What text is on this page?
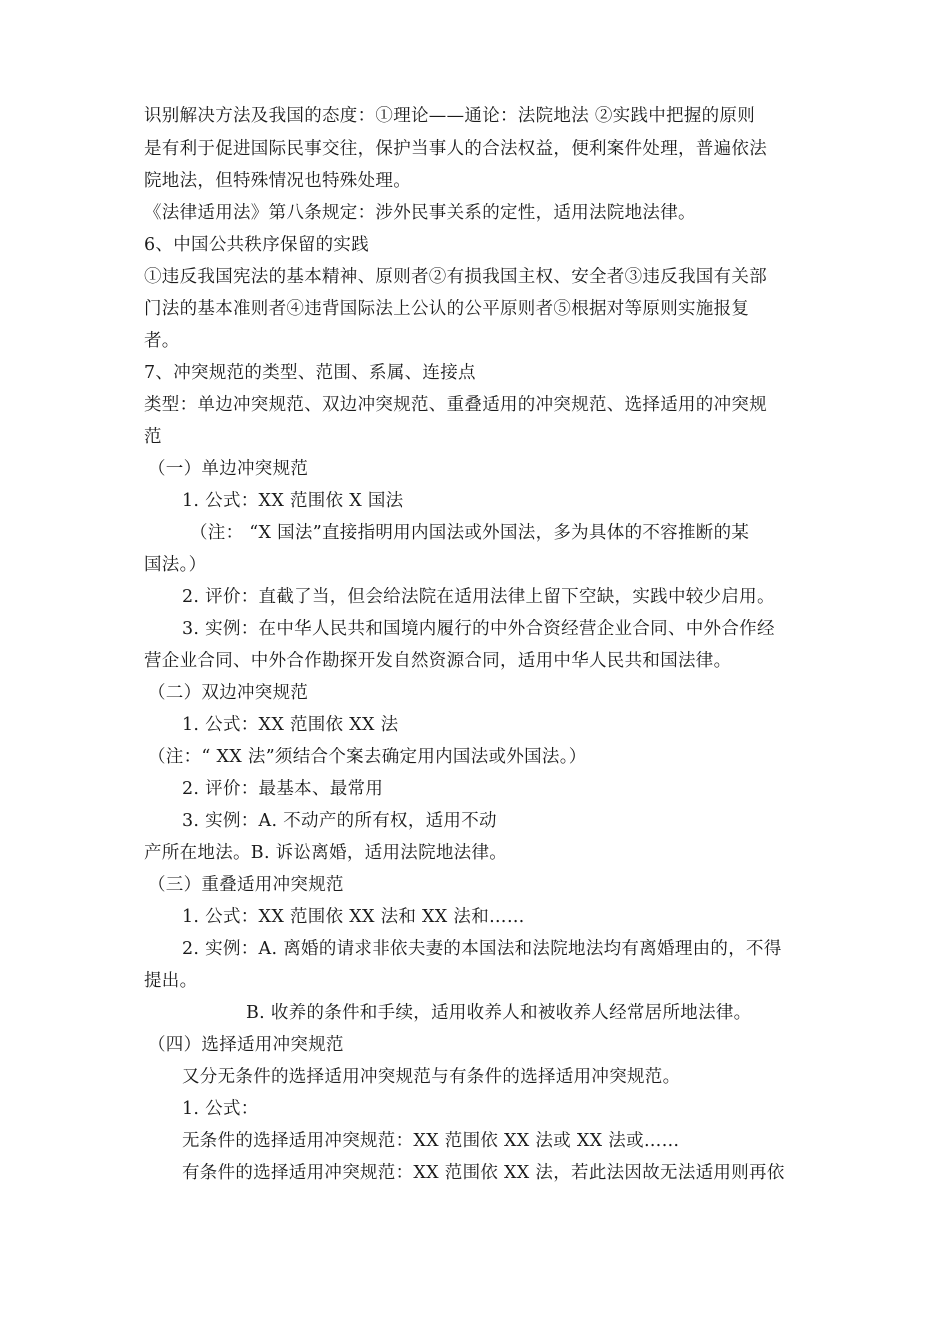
识别解决方法及我国的态度：①理论——通论：法院地法 ②实践中把握的原则
是有利于促进国际民事交往，保护当事人的合法权益，便利案件处理，普遍依法
院地法，但特殊情况也特殊处理。
《法律适用法》第八条规定：涉外民事关系的定性，适用法院地法律。
6、中国公共秩序保留的实践
①违反我国宪法的基本精神、原则者②有损我国主权、安全者③违反我国有关部
门法的基本准则者④违背国际法上公认的公平原则者⑤根据对等原则实施报复
者。
7、冲突规范的类型、范围、系属、连接点
类型：单边冲突规范、双边冲突规范、重叠适用的冲突规范、选择适用的冲突规
范
（一）单边冲突规范
1. 公式：XX 范围依 X 国法
（注： “X 国法”直接指明用内国法或外国法，多为具体的不容推断的某
国法。）
2. 评价：直截了当，但会给法院在适用法律上留下空缺，实践中较少启用。
3. 实例：在中华人民共和国境内履行的中外合资经营企业合同、中外合作经
营企业合同、中外合作勘探开发自然资源合同，适用中华人民共和国法律。
（二）双边冲突规范
1. 公式：XX 范围依 XX 法
（注：“ XX 法”须结合个案去确定用内国法或外国法。）
2. 评价：最基本、最常用
3. 实例：A. 不动产的所有权，适用不动
产所在地法。B. 诉讼离婚，适用法院地法律。
（三）重叠适用冲突规范
1. 公式：XX 范围依 XX 法和 XX 法和……
2. 实例：A. 离婚的请求非依夫妻的本国法和法院地法均有离婚理由的，不得
提出。
B. 收养的条件和手续，适用收养人和被收养人经常居所地法律。
（四）选择适用冲突规范
又分无条件的选择适用冲突规范与有条件的选择适用冲突规范。
1. 公式：
无条件的选择适用冲突规范：XX 范围依 XX 法或 XX 法或……
有条件的选择适用冲突规范：XX 范围依 XX 法，若此法因故无法适用则再依
